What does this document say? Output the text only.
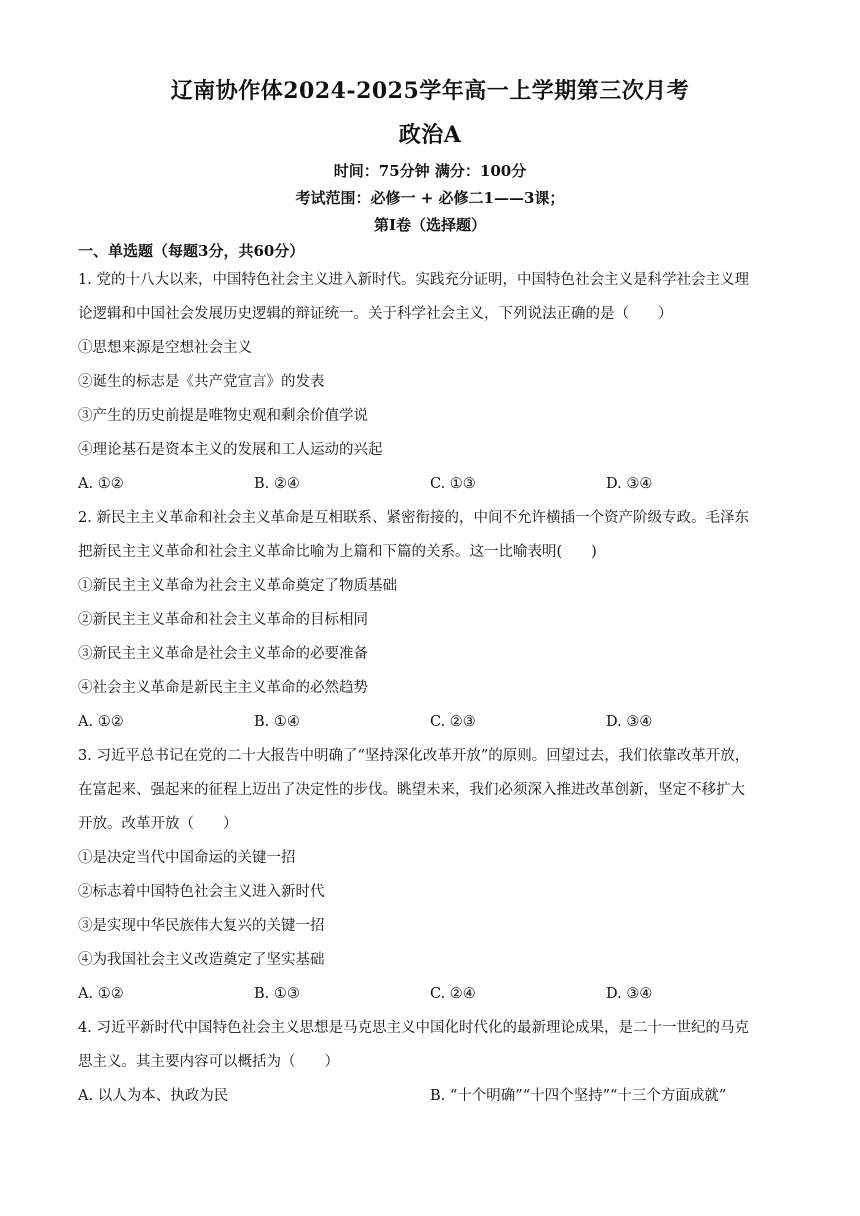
辽南协作体2024-2025学年高一上学期第三次月考
政治A
时间：75分钟 满分：100分
考试范围：必修一 + 必修二1——3课；
第Ⅰ卷（选择题）
一、单选题（每题3分，共60分）
1. 党的十八大以来，中国特色社会主义进入新时代。实践充分证明，中国特色社会主义是科学社会主义理
论逻辑和中国社会发展历史逻辑的辩证统一。关于科学社会主义，下列说法正确的是（　　）
①思想来源是空想社会主义
②诞生的标志是《共产党宣言》的发表
③产生的历史前提是唯物史观和剩余价值学说
④理论基石是资本主义的发展和工人运动的兴起
A. ①②	B. ②④	C. ①③	D. ③④
2. 新民主主义革命和社会主义革命是互相联系、紧密衔接的，中间不允许横插一个资产阶级专政。毛泽东
把新民主主义革命和社会主义革命比喻为上篇和下篇的关系。这一比喻表明(　　)
①新民主主义革命为社会主义革命奠定了物质基础
②新民主主义革命和社会主义革命的目标相同
③新民主主义革命是社会主义革命的必要准备
④社会主义革命是新民主主义革命的必然趋势
A. ①②	B. ①④	C. ②③	D. ③④
3. 习近平总书记在党的二十大报告中明确了“坚持深化改革开放”的原则。回望过去，我们依靠改革开放，
在富起来、强起来的征程上迈出了决定性的步伐。眺望未来，我们必须深入推进改革创新，坚定不移扩大
开放。改革开放（　　）
①是决定当代中国命运的关键一招
②标志着中国特色社会主义进入新时代
③是实现中华民族伟大复兴的关键一招
④为我国社会主义改造奠定了坚实基础
A. ①②	B. ①③	C. ②④	D. ③④
4. 习近平新时代中国特色社会主义思想是马克思主义中国化时代化的最新理论成果，是二十一世纪的马克
思主义。其主要内容可以概括为（　　）
A. 以人为本、执政为民	B. “十个明确”“十四个坚持”“十三个方面成就”
